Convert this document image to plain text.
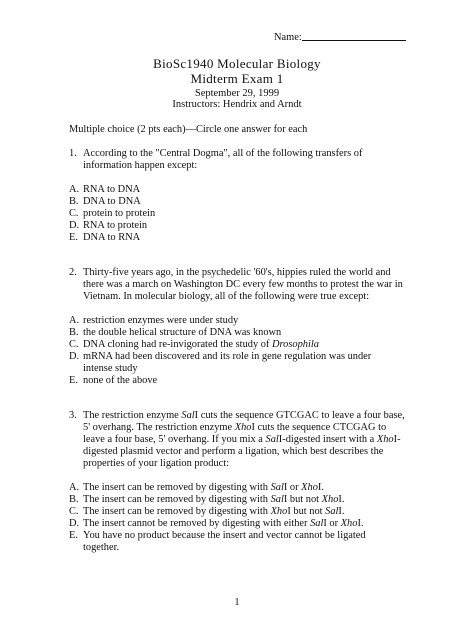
Name:
BioSc1940 Molecular Biology
Midterm Exam 1
September 29, 1999
Instructors: Hendrix and Arndt
Multiple choice (2 pts each)—Circle one answer for each
1. According to the "Central Dogma", all of the following transfers of
information happen except:
A. RNA to DNA
B. DNA to DNA
C. protein to protein
D. RNA to protein
E. DNA to RNA
2. Thirty-five years ago, in the psychedelic '60's, hippies ruled the world and
there was a march on Washington DC every few months to protest the war in
Vietnam. In molecular biology, all of the following were true except:
A. restriction enzymes were under study
B. the double helical structure of DNA was known
C. DNA cloning had re-invigorated the study of Drosophila
D. mRNA had been discovered and its role in gene regulation was under
intense study
E. none of the above
3. The restriction enzyme SalI cuts the sequence GTCGAC to leave a four base,
5' overhang. The restriction enzyme XhoI cuts the sequence CTCGAG to
leave a four base, 5' overhang. If you mix a SalI-digested insert with a XhoI-
digested plasmid vector and perform a ligation, which best describes the
properties of your ligation product:
A. The insert can be removed by digesting with SalI or XhoI.
B. The insert can be removed by digesting with SalI but not XhoI.
C. The insert can be removed by digesting with XhoI but not SalI.
D. The insert cannot be removed by digesting with either SalI or XhoI.
E. You have no product because the insert and vector cannot be ligated
together.
1
